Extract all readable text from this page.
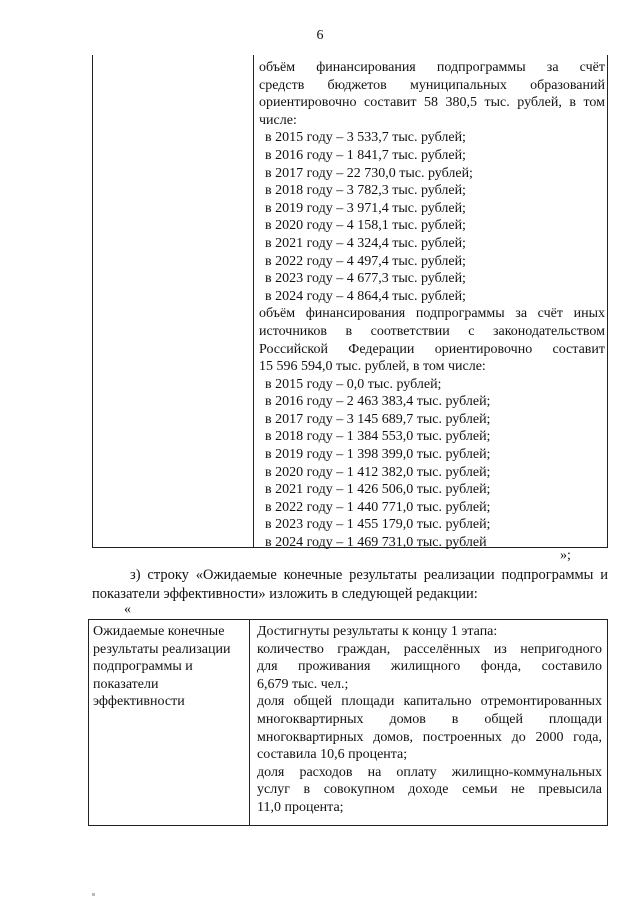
6
объём финансирования подпрограммы за счёт
средств бюджетов муниципальных образований
ориентировочно составит 58 380,5 тыс. рублей, в том
числе:
в 2015 году – 3 533,7 тыс. рублей;
в 2016 году – 1 841,7 тыс. рублей;
в 2017 году – 22 730,0 тыс. рублей;
в 2018 году – 3 782,3 тыс. рублей;
в 2019 году – 3 971,4 тыс. рублей;
в 2020 году – 4 158,1 тыс. рублей;
в 2021 году – 4 324,4 тыс. рублей;
в 2022 году – 4 497,4 тыс. рублей;
в 2023 году – 4 677,3 тыс. рублей;
в 2024 году – 4 864,4 тыс. рублей;
объём финансирования подпрограммы за счёт иных
источников в соответствии с законодательством
Российской Федерации ориентировочно составит
15 596 594,0 тыс. рублей, в том числе:
в 2015 году – 0,0 тыс. рублей;
в 2016 году – 2 463 383,4 тыс. рублей;
в 2017 году – 3 145 689,7 тыс. рублей;
в 2018 году – 1 384 553,0 тыс. рублей;
в 2019 году – 1 398 399,0 тыс. рублей;
в 2020 году – 1 412 382,0 тыс. рублей;
в 2021 году – 1 426 506,0 тыс. рублей;
в 2022 году – 1 440 771,0 тыс. рублей;
в 2023 году – 1 455 179,0 тыс. рублей;
в 2024 году – 1 469 731,0 тыс. рублей
»;
з) строку «Ожидаемые конечные результаты реализации подпрограммы и
показатели эффективности» изложить в следующей редакции:
«
Ожидаемые конечные
результаты реализации
подпрограммы и
показатели
эффективности
Достигнуты результаты к концу 1 этапа:
количество граждан, расселённых из непригодного
для проживания жилищного фонда, составило
6,679 тыс. чел.;
доля общей площади капитально отремонтированных
многоквартирных домов в общей площади
многоквартирных домов, построенных до 2000 года,
составила 10,6 процента;
доля расходов на оплату жилищно-коммунальных
услуг в совокупном доходе семьи не превысила
11,0 процента;
